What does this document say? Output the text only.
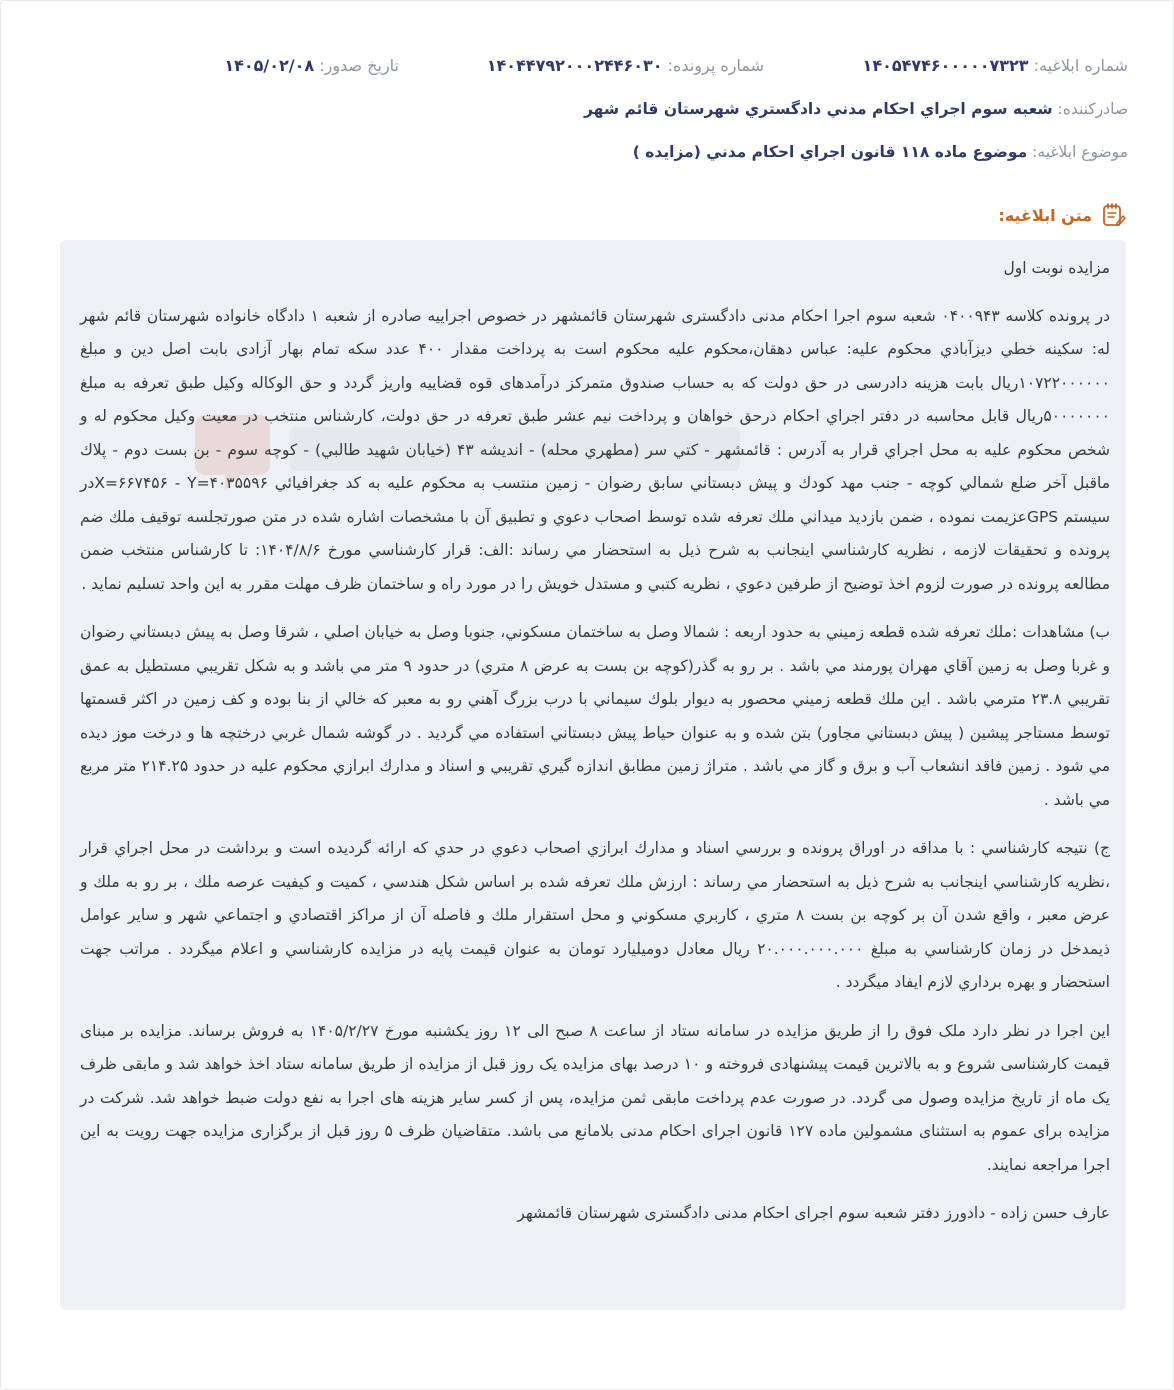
شماره ابلاغيه: ۱۴۰۵۴۷۴۶۰۰۰۰۰۷۳۲۳
شماره پرونده: ۱۴۰۴۴۷۹۲۰۰۰۲۴۴۶۰۳۰
تاريخ صدور: ۱۴۰۵/۰۲/۰۸
صادرکننده: شعبه سوم اجراي احکام مدني دادگستري شهرستان قائم شهر
موضوع ابلاغيه: موضوع ماده ۱۱۸ قانون اجراي احکام مدني (مزايده )
متن ابلاغيه:

مزايده نوبت اول

در پرونده كلاسه ۰۴۰۰۹۴۳ شعبه سوم اجرا احكام مدنى دادگسترى شهرستان قائمشهر در خصوص اجراييه صادره از شعبه ۱ دادگاه خانواده شهرستان قائم شهر له: سکينه خطي ديزآبادي محکوم عليه: عباس دهقان،محكوم عليه محكوم است به پرداخت مقدار ۴۰۰ عدد سکه تمام بهار آزادی بابت اصل دين و مبلغ ۱۰۷۲۲۰۰۰۰۰۰ريال بابت هزينه دادرسی در حق دولت كه به حساب صندوق متمركز درآمدهای قوه قضاييه واريز گردد و حق الوکاله وکيل طبق تعرفه به مبلغ ۵۰۰۰۰۰۰۰ريال قابل محاسبه در دفتر اجراي احکام درحق خواهان و پرداخت نيم عشر طبق تعرفه در حق دولت، كارشناس منتخب در معيت وکيل محکوم له و شخص محکوم عليه به محل اجراي قرار به آدرس : قائمشهر - کتي سر (مطهري محله) - انديشه ۴۳ (خيابان شهيد طالبي) - کوچه سوم - بن بست دوم - پلاك ماقبل آخر ضلع شمالي کوچه - جنب مهد کودك و پيش دبستاني سابق رضوان - زمين منتسب به محكوم عليه به كد جغرافيائي X=۶۶۷۴۵۶ - Y=۴۰۳۵۵۹۶در سيستم GPSعزيمت نموده ، ضمن بازديد ميداني ملك تعرفه شده توسط اصحاب دعوي و تطبيق آن با مشخصات اشاره شده در متن صورتجلسه توقيف ملك ضم پرونده و تحقيقات لازمه ، نظريه كارشناسي اينجانب به شرح ذيل به استحضار مي رساند :الف: قرار کارشناسي مورخ ۱۴۰۴/۸/۶: تا کارشناس منتخب ضمن مطالعه پرونده در صورت لزوم اخذ توضيح از طرفين دعوي ، نظريه کتبي و مستدل خويش را در مورد راه و ساختمان ظرف مهلت مقرر به اين واحد تسليم نمايد .

ب) مشاهدات :ملك تعرفه شده قطعه زميني به حدود اربعه : شمالا وصل به ساختمان مسكوني، جنوبا وصل به خيابان اصلي ، شرقا وصل به پيش دبستاني رضوان و غربا وصل به زمين آقاي مهران پورمند مي باشد . بر رو به گذر(كوچه بن بست به عرض ۸ متري) در حدود ۹ متر مي باشد و به شكل تقريبي مستطيل به عمق تقريبي ۲۳.۸ مترمي باشد . اين ملك قطعه زميني محصور به ديوار بلوك سيماني با درب بزرگ آهني رو به معبر كه خالي از بنا بوده و كف زمين در اكثر قسمتها توسط مستاجر پيشين ( پيش دبستاني مجاور) بتن شده و به عنوان حياط پيش دبستاني استفاده مي گرديد . در گوشه شمال غربي درختچه ها و درخت موز ديده مي شود . زمين فاقد انشعاب آب و برق و گاز مي باشد . متراژ زمين مطابق اندازه گيري تقريبي و اسناد و مدارك ابرازي محكوم عليه در حدود ۲۱۴.۲۵ متر مربع مي باشد .

ج) نتيجه کارشناسي : با مداقه در اوراق پرونده و بررسي اسناد و مدارك ابرازي اصحاب دعوي در حدي كه ارائه گرديده است و برداشت در محل اجراي قرار ،نظريه كارشناسي اينجانب به شرح ذيل به استحضار مي رساند : ارزش ملك تعرفه شده بر اساس شكل هندسي ، كميت و كيفيت عرصه ملك ، بر رو به ملك و عرض معبر ، واقع شدن آن بر كوچه بن بست ۸ متري ، كاربري مسكوني و محل استقرار ملك و فاصله آن از مراكز اقتصادي و اجتماعي شهر و ساير عوامل ذيمدخل در زمان كارشناسي به مبلغ ۲۰.۰۰۰.۰۰۰.۰۰۰ ريال معادل دوميليارد تومان به عنوان قيمت پايه در مزايده كارشناسي و اعلام ميگردد . مراتب جهت استحضار و بهره برداري لازم ايفاد ميگردد .

اين اجرا در نظر دارد ملک فوق را از طريق مزايده در سامانه ستاد از ساعت ۸ صبح الی ۱۲ روز يكشنبه مورخ ۱۴۰۵/۲/۲۷ به فروش برساند. مزايده بر مبنای قيمت كارشناسی شروع و به بالاترين قيمت پيشنهادی فروخته و ۱۰ درصد بهای مزايده يک روز قبل از مزايده از طريق سامانه ستاد اخذ خواهد شد و مابقی ظرف يک ماه از تاريخ مزايده وصول می گردد. در صورت عدم پرداخت مابقی ثمن مزايده، پس از کسر ساير هزينه های اجرا به نفع دولت ضبط خواهد شد. شركت در مزايده برای عموم به استثنای مشمولين ماده ۱۲۷ قانون اجرای احكام مدنی بلامانع می باشد. متقاضيان ظرف ۵ روز قبل از برگزاری مزايده جهت رويت به اين اجرا مراجعه نمايند.

عارف حسن زاده - دادورز دفتر شعبه سوم اجرای احکام مدنی دادگستری شهرستان قائمشهر
